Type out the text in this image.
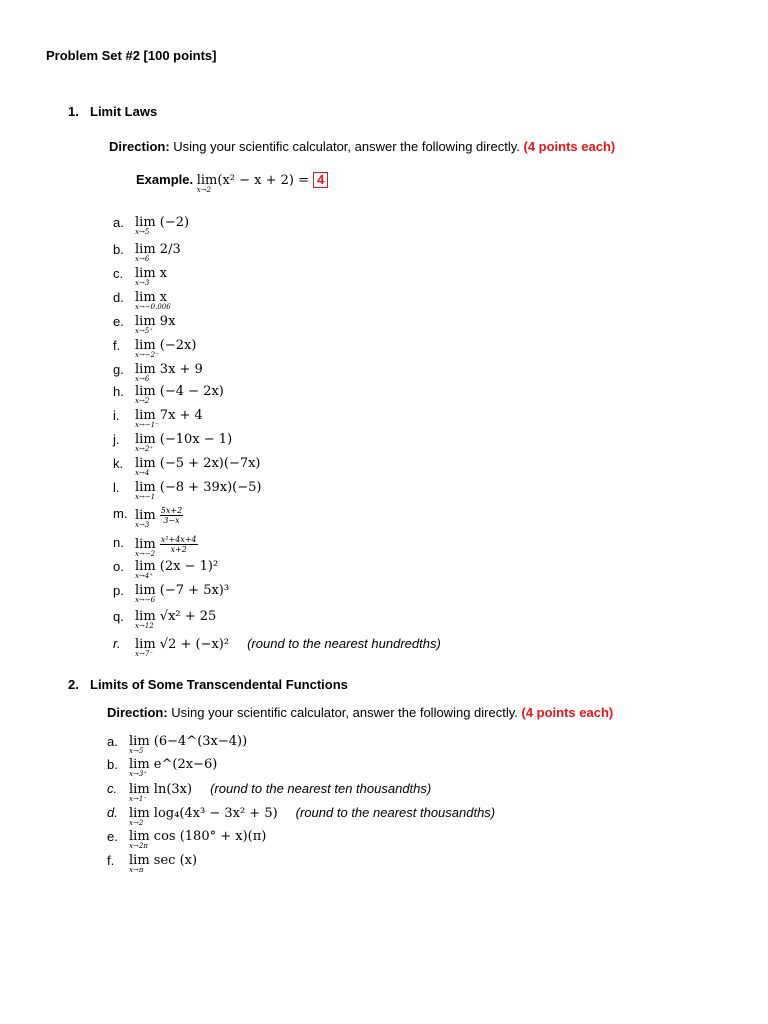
Problem Set #2 [100 points]
1. Limit Laws
Direction: Using your scientific calculator, answer the following directly. (4 points each)
Example. lim
x→2
(x² − x + 2) = 4
a. lim
x→5
(−2)
b. lim
x→6
2/3
c. lim
x→3
x
d. lim
x→−0.006
x
e. lim
x→5⁺
9x
f. lim
x→−2⁻
(−2x)
g. lim
x→6
3x + 9
h. lim
x→2
(−4 − 2x)
i. lim
x→−1⁻
7x + 4
j. lim
x→2⁺
(−10x − 1)
k. lim
x→4
(−5 + 2x)(−7x)
l. lim
x→−1
(−8 + 39x)(−5)
m. lim
x→3
$\frac{5x+2}{3-x}$
n. lim
x→−2
$\frac{\text{x²+4x+4}}{x+2}$
o. lim
x→4⁺
(2x − 1)²
p. lim
x→−6
(−7 + 5x)³
q. lim
x→12
√x² + 25
r. lim
x→7⁻
√2 + (−x)² (round to the nearest hundredths)
2. Limits of Some Transcendental Functions
Direction: Using your scientific calculator, answer the following directly. (4 points each)
a. lim
x→5
(6−4^(3x−4))
b. lim
x→3⁺
e^(2x−6)
c. lim
x→1⁻
ln(3x) (round to the nearest ten thousandths)
d. lim
x→2
log₄(4x³ − 3x² + 5) (round to the nearest thousandths)
e. lim
x→2π
cos (180° + x)(π)
f. lim
x→π
sec (x)
